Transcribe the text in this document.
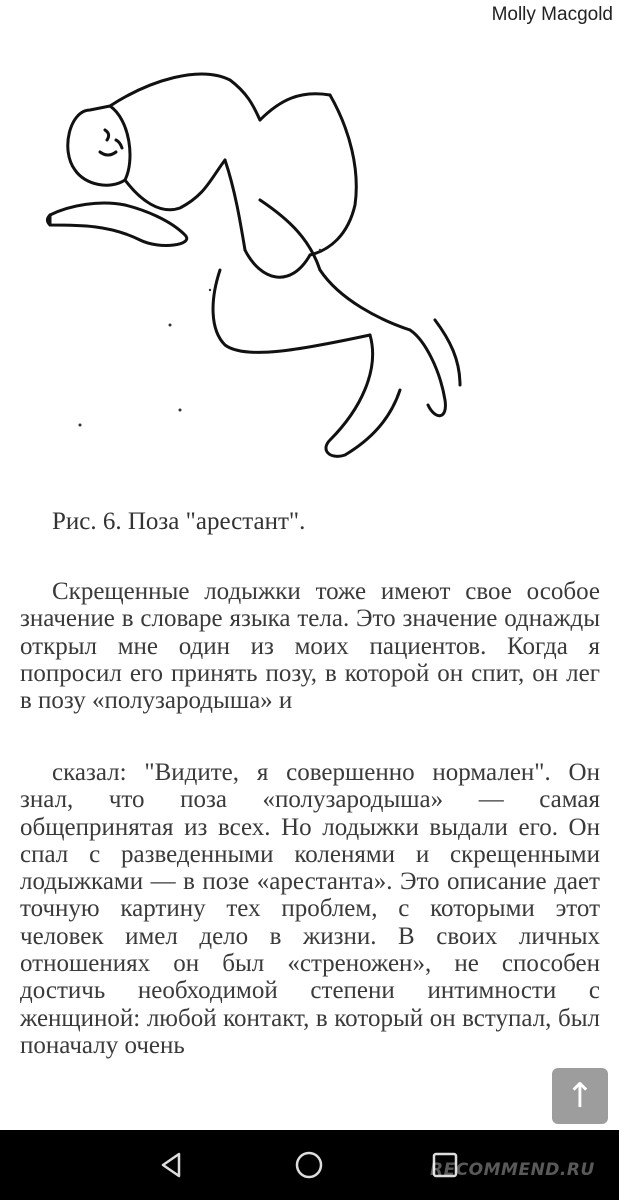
Molly Macgold
Рис. 6. Поза "арестант".

Скрещенные лодыжки тоже имеют свое особое значение в словаре языка тела. Это значение однажды открыл мне один из моих пациентов. Когда я попросил его принять позу, в которой он спит, он лег в позу «полузародыша» и

сказал: "Видите, я совершенно нормален". Он знал, что поза «полузародыша» — самая общепринятая из всех. Но лодыжки выдали его. Он спал с разведенными коленями и скрещенными лодыжками — в позе «арестанта». Это описание дает точную картину тех проблем, с которыми этот человек имел дело в жизни. В своих личных отношениях он был «стреножен», не способен достичь необходимой степени интимности с женщиной: любой контакт, в который он вступал, был поначалу очень

↑
RECOMMEND.RU
